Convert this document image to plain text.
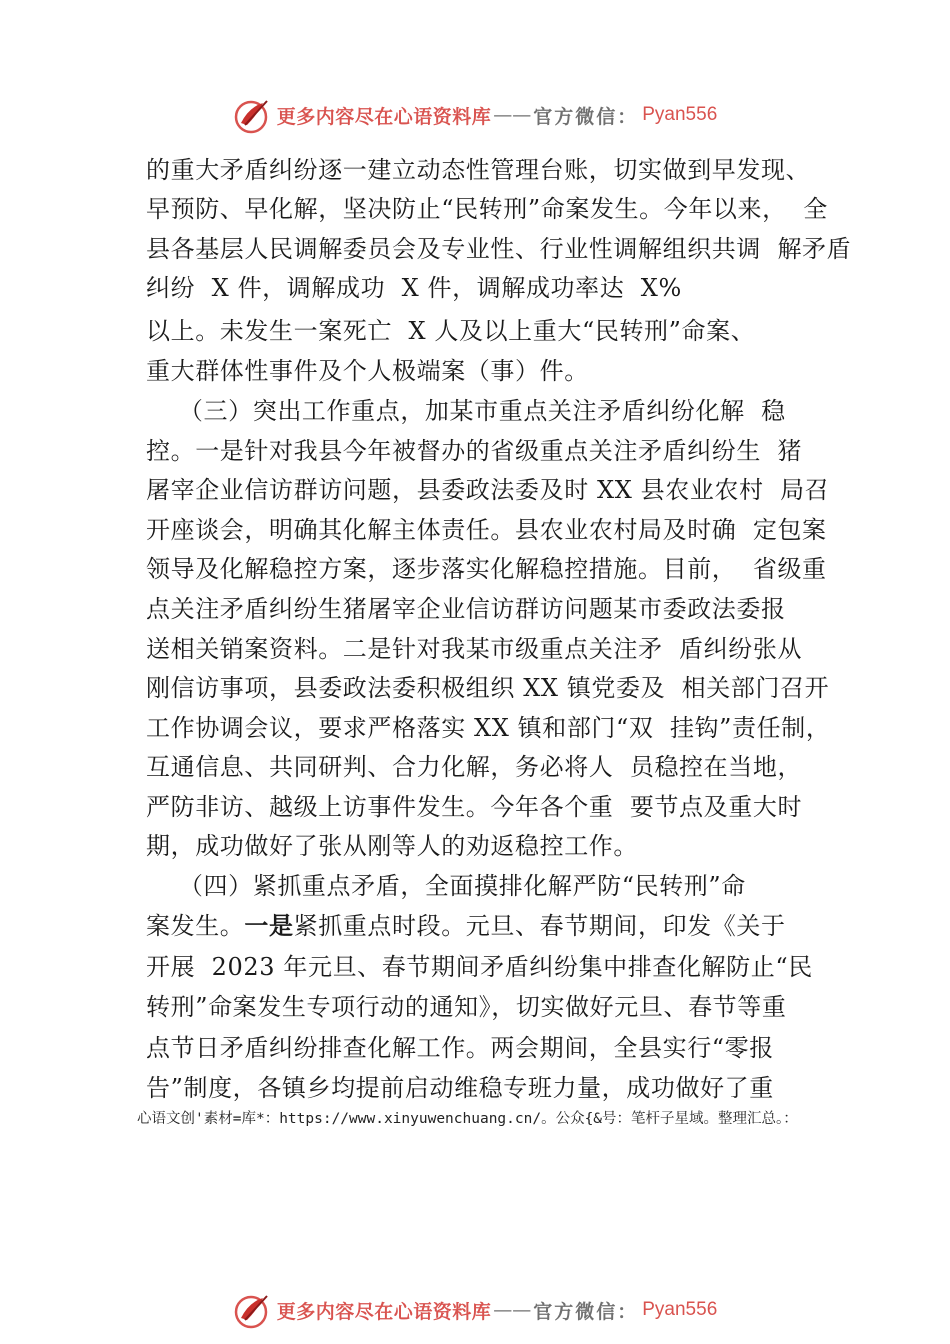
更多内容尽在心语资料库 —— 官方微信： Pyan556
的重大矛盾纠纷逐一建立动态性管理台账，切实做到早发现、
早预防、早化解，坚决防止“民转刑”命案发生。今年以来，  全
县各基层人民调解委员会及专业性、行业性调解组织共调  解矛盾
纠纷  X 件，调解成功  X 件，调解成功率达  X%
以上。未发生一案死亡  X 人及以上重大“民转刑”命案、
重大群体性事件及个人极端案（事）件。
（三）突出工作重点，加某市重点关注矛盾纠纷化解  稳
控。一是针对我县今年被督办的省级重点关注矛盾纠纷生  猪
屠宰企业信访群访问题，县委政法委及时 XX 县农业农村  局召
开座谈会，明确其化解主体责任。县农业农村局及时确  定包案
领导及化解稳控方案，逐步落实化解稳控措施。目前，  省级重
点关注矛盾纠纷生猪屠宰企业信访群访问题某市委政法委报
送相关销案资料。二是针对我某市级重点关注矛  盾纠纷张从
刚信访事项，县委政法委积极组织 XX 镇党委及  相关部门召开
工作协调会议，要求严格落实 XX 镇和部门“双  挂钩”责任制，
互通信息、共同研判、合力化解，务必将人  员稳控在当地，
严防非访、越级上访事件发生。今年各个重  要节点及重大时
期，成功做好了张从刚等人的劝返稳控工作。
（四）紧抓重点矛盾，全面摸排化解严防“民转刑”命
案发生。一是紧抓重点时段。元旦、春节期间，印发《关于
开展  2023 年元旦、春节期间矛盾纠纷集中排查化解防止“民
转刑”命案发生专项行动的通知》，切实做好元旦、春节等重
点节日矛盾纠纷排查化解工作。两会期间，全县实行“零报
告”制度，各镇乡均提前启动维稳专班力量，成功做好了重
心语文创'素材=库*：https://www.xinyuwenchuang.cn/。公众{&号：笔杆子星域。整理汇总。：
更多内容尽在心语资料库 —— 官方微信： Pyan556
